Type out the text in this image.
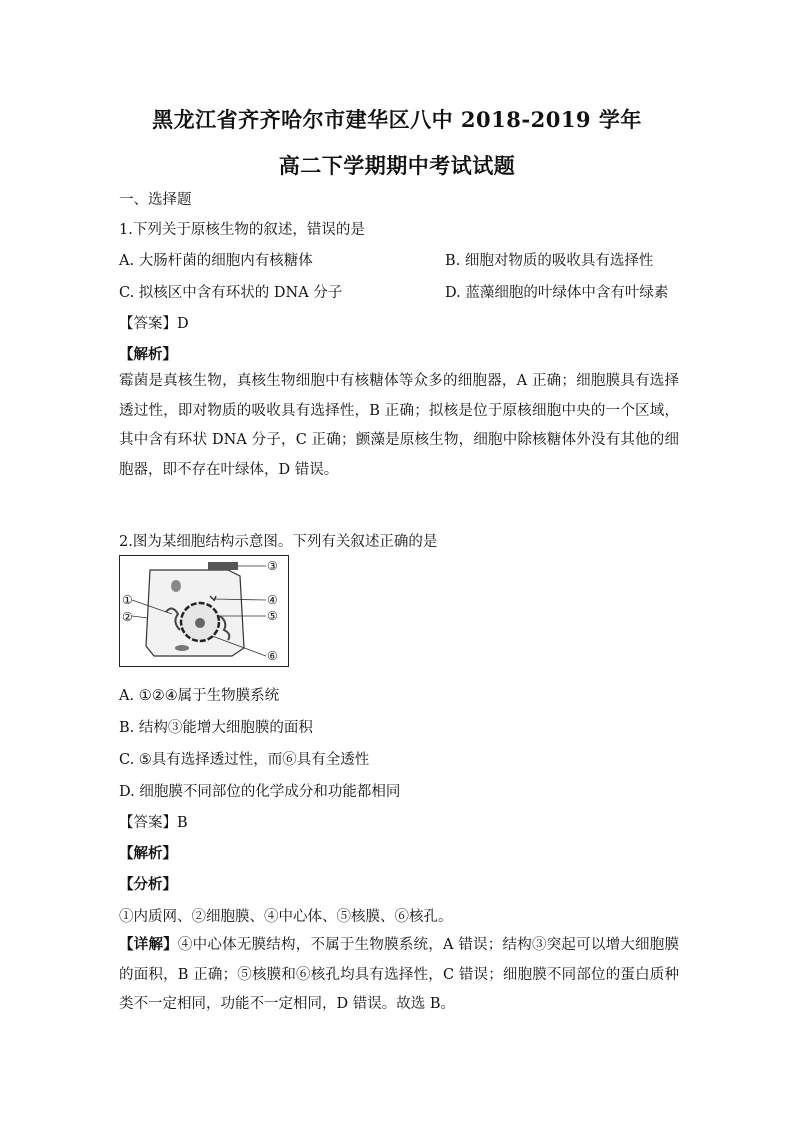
黑龙江省齐齐哈尔市建华区八中 2018-2019 学年
高二下学期期中考试试题
一、选择题
1.下列关于原核生物的叙述，错误的是
A. 大肠杆菌的细胞内有核糖体	B. 细胞对物质的吸收具有选择性
C. 拟核区中含有环状的 DNA 分子	D. 蓝藻细胞的叶绿体中含有叶绿素
【答案】D
【解析】
霉菌是真核生物，真核生物细胞中有核糖体等众多的细胞器，A 正确；细胞膜具有选择透过性，即对物质的吸收具有选择性，B 正确；拟核是位于原核细胞中央的一个区域，其中含有环状 DNA 分子，C 正确；颤藻是原核生物，细胞中除核糖体外没有其他的细胞器，即不存在叶绿体，D 错误。
2.图为某细胞结构示意图。下列有关叙述正确的是
①
②
③
④
⑤
⑥
A. ①②④属于生物膜系统
B. 结构③能增大细胞膜的面积
C. ⑤具有选择透过性，而⑥具有全透性
D. 细胞膜不同部位的化学成分和功能都相同
【答案】B
【解析】
【分析】
①内质网、②细胞膜、④中心体、⑤核膜、⑥核孔。
【详解】④中心体无膜结构，不属于生物膜系统，A 错误；结构③突起可以增大细胞膜的面积，B 正确；⑤核膜和⑥核孔均具有选择性，C 错误；细胞膜不同部位的蛋白质种类不一定相同，功能不一定相同，D 错误。故选 B。
